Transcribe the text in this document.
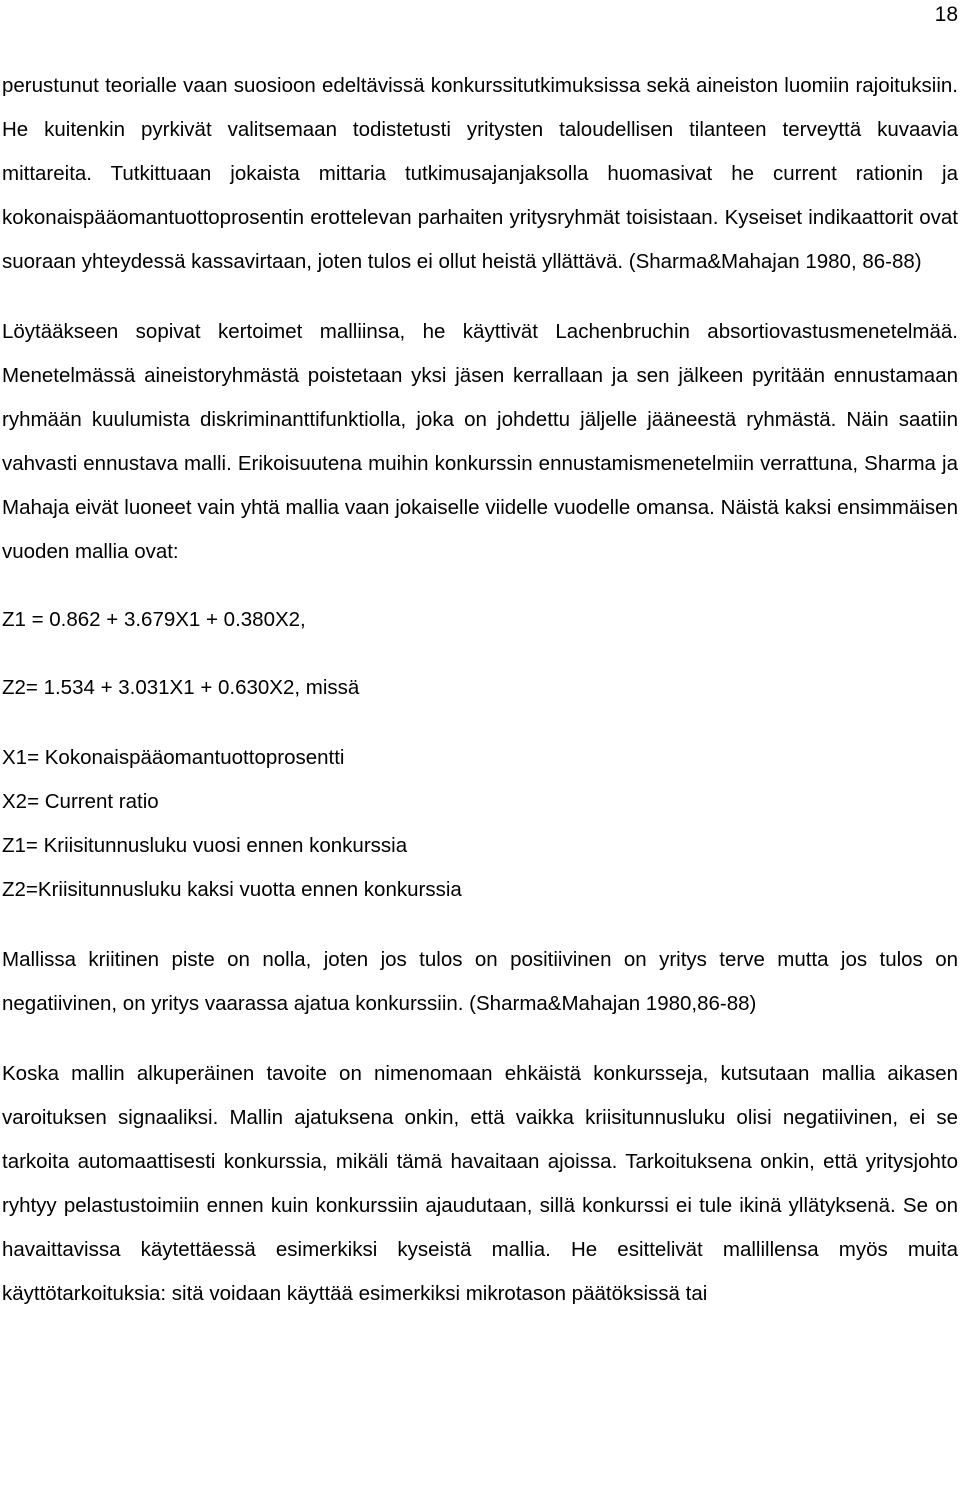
18

perustunut teorialle vaan suosioon edeltävissä konkurssitutkimuksissa sekä aineiston luomiin rajoituksiin. He kuitenkin pyrkivät valitsemaan todistetusti yritysten taloudellisen tilanteen terveyttä kuvaavia mittareita. Tutkittuaan jokaista mittaria tutkimusajanjaksolla huomasivat he current rationin ja kokonaispääomantuottoprosentin erottelevan parhaiten yritysryhmät toisistaan. Kyseiset indikaattorit ovat suoraan yhteydessä kassavirtaan, joten tulos ei ollut heistä yllättävä. (Sharma&Mahajan 1980, 86-88)

Löytääkseen sopivat kertoimet malliinsa, he käyttivät Lachenbruchin absortiovastusmenetelmää. Menetelmässä aineistoryhmästä poistetaan yksi jäsen kerrallaan ja sen jälkeen pyritään ennustamaan ryhmään kuulumista diskriminanttifunktiolla, joka on johdettu jäljelle jääneestä ryhmästä. Näin saatiin vahvasti ennustava malli. Erikoisuutena muihin konkurssin ennustamismenetelmiin verrattuna, Sharma ja Mahaja eivät luoneet vain yhtä mallia vaan jokaiselle viidelle vuodelle omansa. Näistä kaksi ensimmäisen vuoden mallia ovat:

Z1 = 0.862 + 3.679X1 + 0.380X2,

Z2= 1.534 + 3.031X1 + 0.630X2, missä

X1= Kokonaispääomantuottoprosentti
X2= Current ratio
Z1= Kriisitunnusluku vuosi ennen konkurssia
Z2=Kriisitunnusluku kaksi vuotta ennen konkurssia

Mallissa kriitinen piste on nolla, joten jos tulos on positiivinen on yritys terve mutta jos tulos on negatiivinen, on yritys vaarassa ajatua konkurssiin. (Sharma&Mahajan 1980,86-88)

Koska mallin alkuperäinen tavoite on nimenomaan ehkäistä konkursseja, kutsutaan mallia aikasen varoituksen signaaliksi. Mallin ajatuksena onkin, että vaikka kriisitunnusluku olisi negatiivinen, ei se tarkoita automaattisesti konkurssia, mikäli tämä havaitaan ajoissa. Tarkoituksena onkin, että yritysjohto ryhtyy pelastustoimiin ennen kuin konkurssiin ajaudutaan, sillä konkurssi ei tule ikinä yllätyksenä. Se on havaittavissa käytettäessä esimerkiksi kyseistä mallia. He esittelivät mallillensa myös muita käyttötarkoituksia: sitä voidaan käyttää esimerkiksi mikrotason päätöksissä tai
